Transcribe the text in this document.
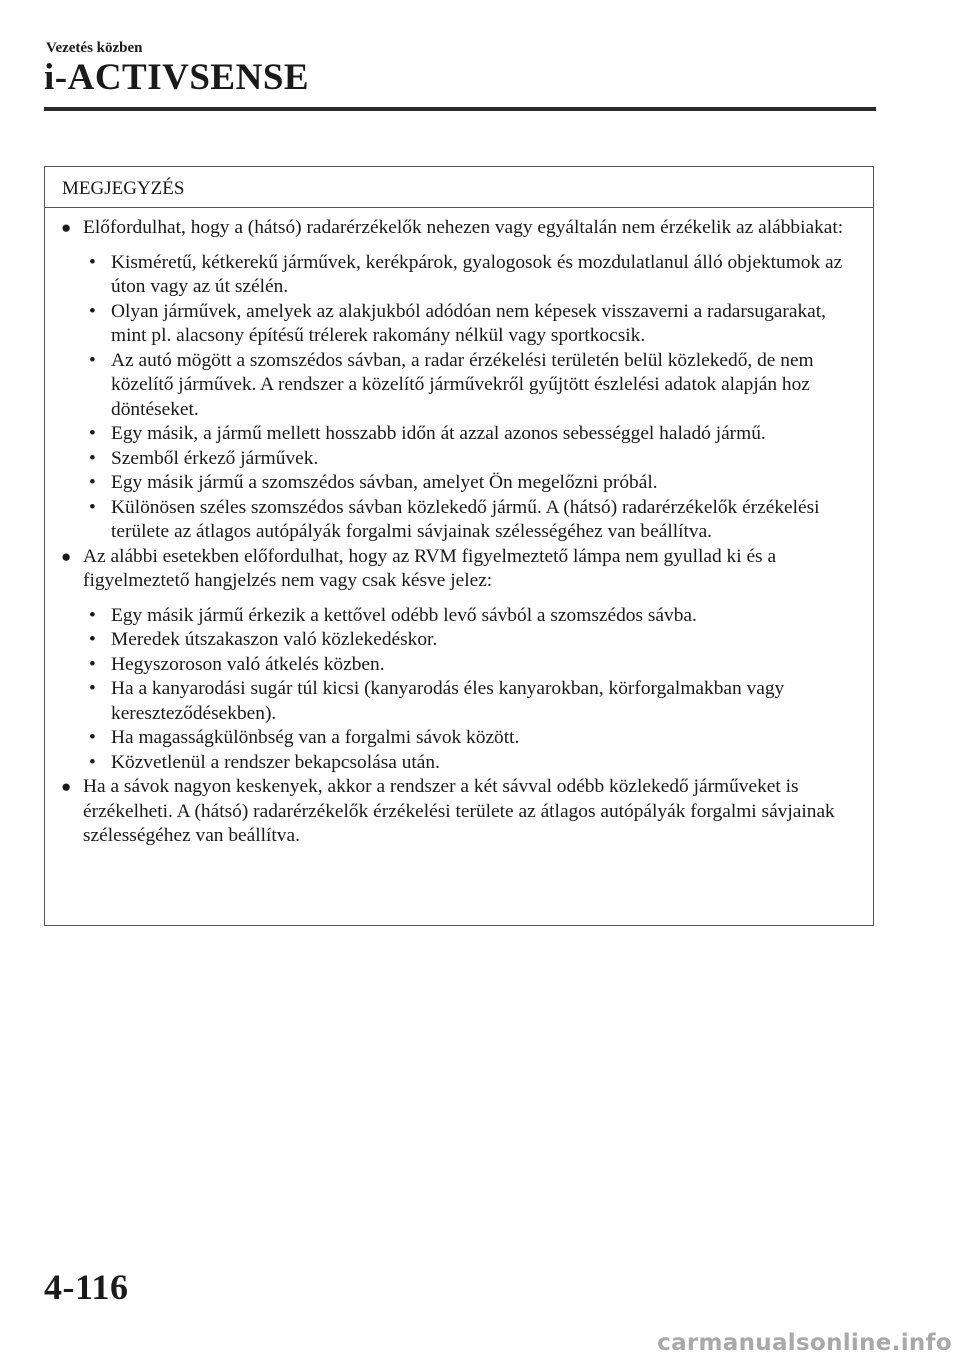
Vezetés közben
i-ACTIVSENSE
MEGJEGYZÉS
● Előfordulhat, hogy a (hátsó) radarérzékelők nehezen vagy egyáltalán nem érzékelik az alábbiakat:
• Kisméretű, kétkerekű járművek, kerékpárok, gyalogosok és mozdulatlanul álló objektumok az úton vagy az út szélén.
• Olyan járművek, amelyek az alakjukból adódóan nem képesek visszaverni a radarsugarakat, mint pl. alacsony építésű trélerek rakomány nélkül vagy sportkocsik.
• Az autó mögött a szomszédos sávban, a radar érzékelési területén belül közlekedő, de nem közelítő járművek. A rendszer a közelítő járművekről gyűjtött észlelési adatok alapján hoz döntéseket.
• Egy másik, a jármű mellett hosszabb időn át azzal azonos sebességgel haladó jármű.
• Szemből érkező járművek.
• Egy másik jármű a szomszédos sávban, amelyet Ön megelőzni próbál.
• Különösen széles szomszédos sávban közlekedő jármű. A (hátsó) radarérzékelők érzékelési területe az átlagos autópályák forgalmi sávjainak szélességéhez van beállítva.
● Az alábbi esetekben előfordulhat, hogy az RVM figyelmeztető lámpa nem gyullad ki és a figyelmeztető hangjelzés nem vagy csak késve jelez:
• Egy másik jármű érkezik a kettővel odébb levő sávból a szomszédos sávba.
• Meredek útszakaszon való közlekedéskor.
• Hegyszoroson való átkelés közben.
• Ha a kanyarodási sugár túl kicsi (kanyarodás éles kanyarokban, körforgalmakban vagy kereszteződésekben).
• Ha magasságkülönbség van a forgalmi sávok között.
• Közvetlenül a rendszer bekapcsolása után.
● Ha a sávok nagyon keskenyek, akkor a rendszer a két sávval odébb közlekedő járműveket is érzékelheti. A (hátsó) radarérzékelők érzékelési területe az átlagos autópályák forgalmi sávjainak szélességéhez van beállítva.
4-116
carmanualsonline.info
